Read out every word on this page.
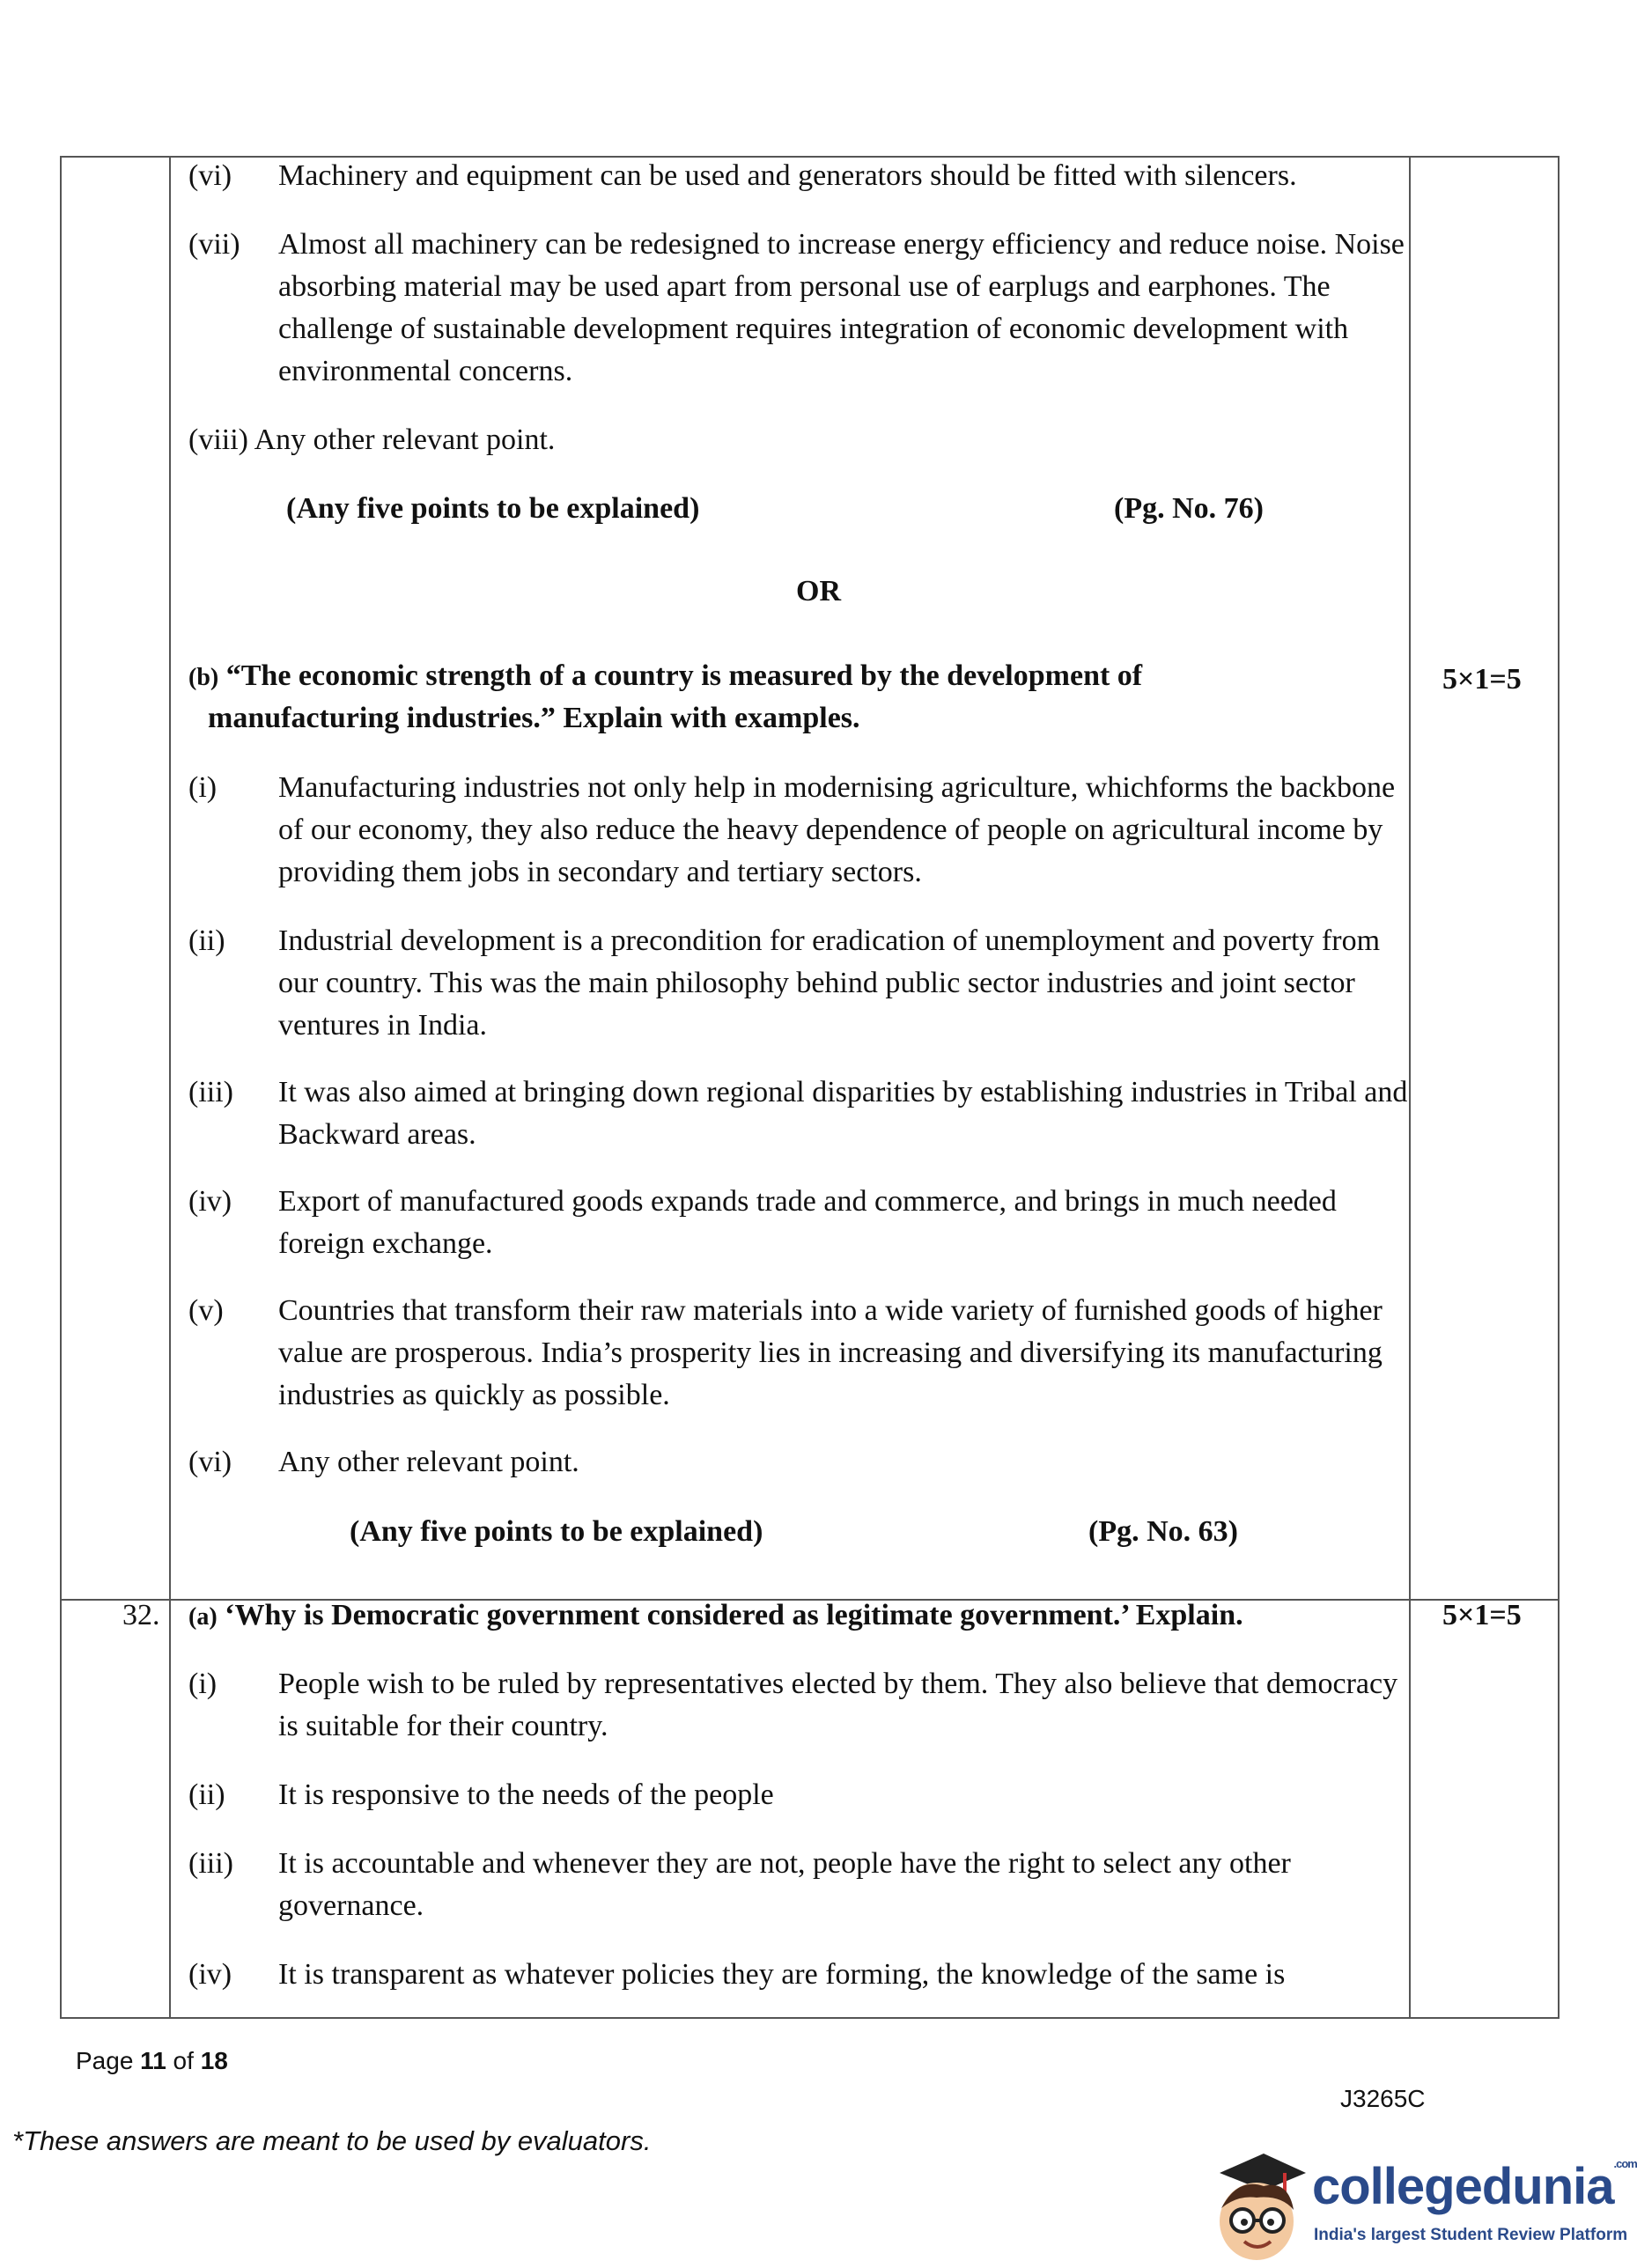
(vi) Machinery and equipment can be used and generators should be fitted with silencers.
(vii) Almost all machinery can be redesigned to increase energy efficiency and reduce noise. Noise absorbing material may be used apart from personal use of earplugs and earphones. The challenge of sustainable development requires integration of economic development with environmental concerns.
(viii) Any other relevant point.
(Any five points to be explained)	(Pg. No. 76)
OR
(b) “The economic strength of a country is measured by the development of
manufacturing industries.” Explain with examples.
5×1=5
(i) Manufacturing industries not only help in modernising agriculture, whichforms the backbone of our economy, they also reduce the heavy dependence of people on agricultural income by providing them jobs in secondary and tertiary sectors.
(ii) Industrial development is a precondition for eradication of unemployment and poverty from our country. This was the main philosophy behind public sector industries and joint sector ventures in India.
(iii) It was also aimed at bringing down regional disparities by establishing industries in Tribal and Backward areas.
(iv) Export of manufactured goods expands trade and commerce, and brings in much needed foreign exchange.
(v) Countries that transform their raw materials into a wide variety of furnished goods of higher value are prosperous. India’s prosperity lies in increasing and diversifying its manufacturing industries as quickly as possible.
(vi) Any other relevant point.
(Any five points to be explained)	(Pg. No. 63)
32. (a) ‘Why is Democratic government considered as legitimate government.’ Explain.	5×1=5
(i) People wish to be ruled by representatives elected by them. They also believe that democracy is suitable for their country.
(ii) It is responsive to the needs of the people
(iii) It is accountable and whenever they are not, people have the right to select any other governance.
(iv) It is transparent as whatever policies they are forming, the knowledge of the same is
Page 11 of 18
J3265C
*These answers are meant to be used by evaluators.
collegedunia$^{.com}$
India's largest Student Review Platform
